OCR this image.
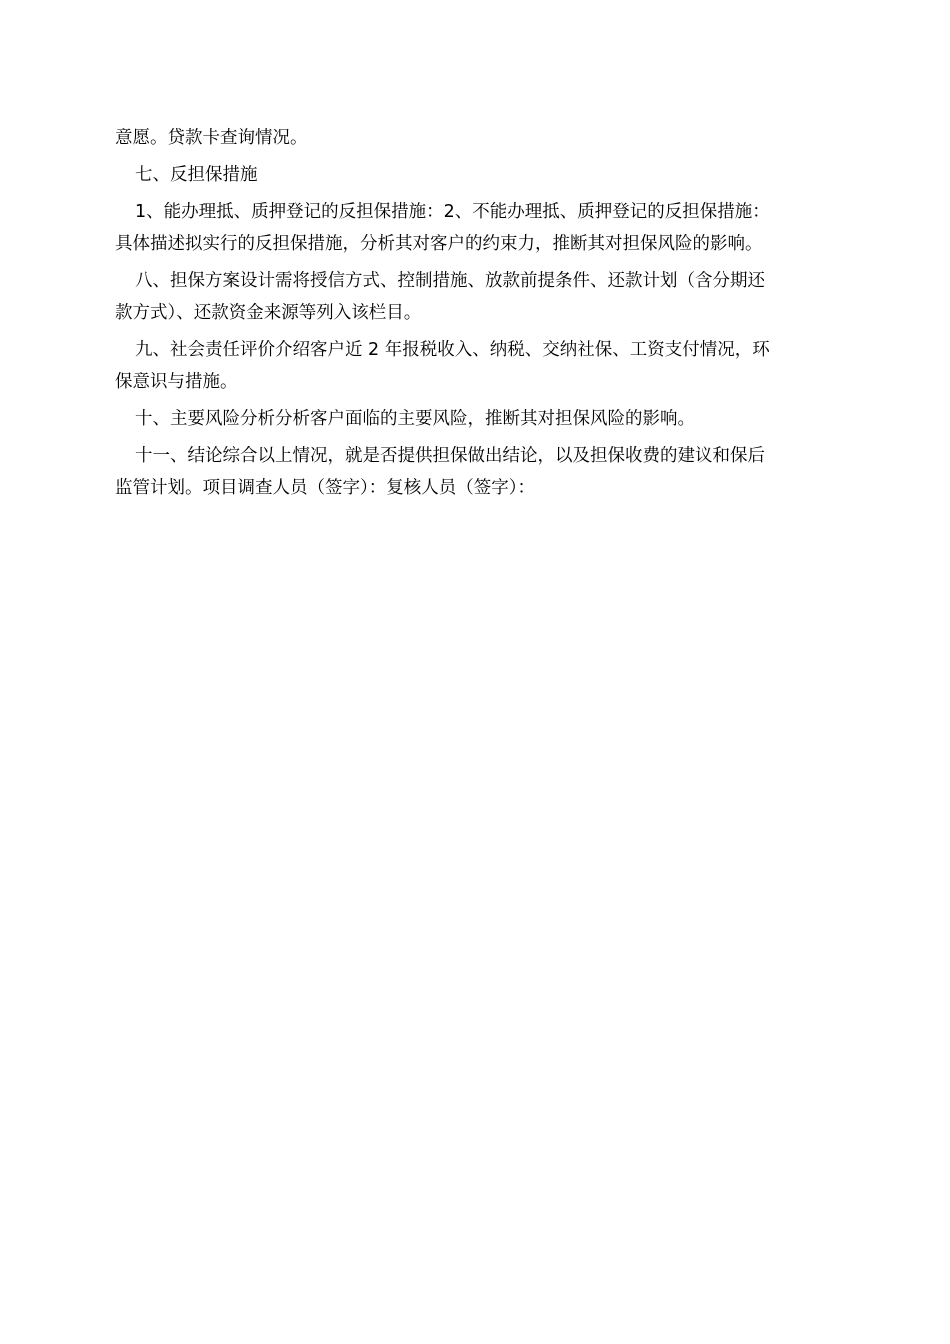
意愿。贷款卡查询情况。

七、反担保措施

1、能办理抵、质押登记的反担保措施：2、不能办理抵、质押登记的反担保措施：

具体描述拟实行的反担保措施，分析其对客户的约束力，推断其对担保风险的影响。

八、担保方案设计需将授信方式、控制措施、放款前提条件、还款计划（含分期还

款方式）、还款资金来源等列入该栏目。

九、社会责任评价介绍客户近 2 年报税收入、纳税、交纳社保、工资支付情况，环

保意识与措施。

十、主要风险分析分析客户面临的主要风险，推断其对担保风险的影响。

十一、结论综合以上情况，就是否提供担保做出结论，以及担保收费的建议和保后

监管计划。项目调查人员（签字）：复核人员（签字）：
